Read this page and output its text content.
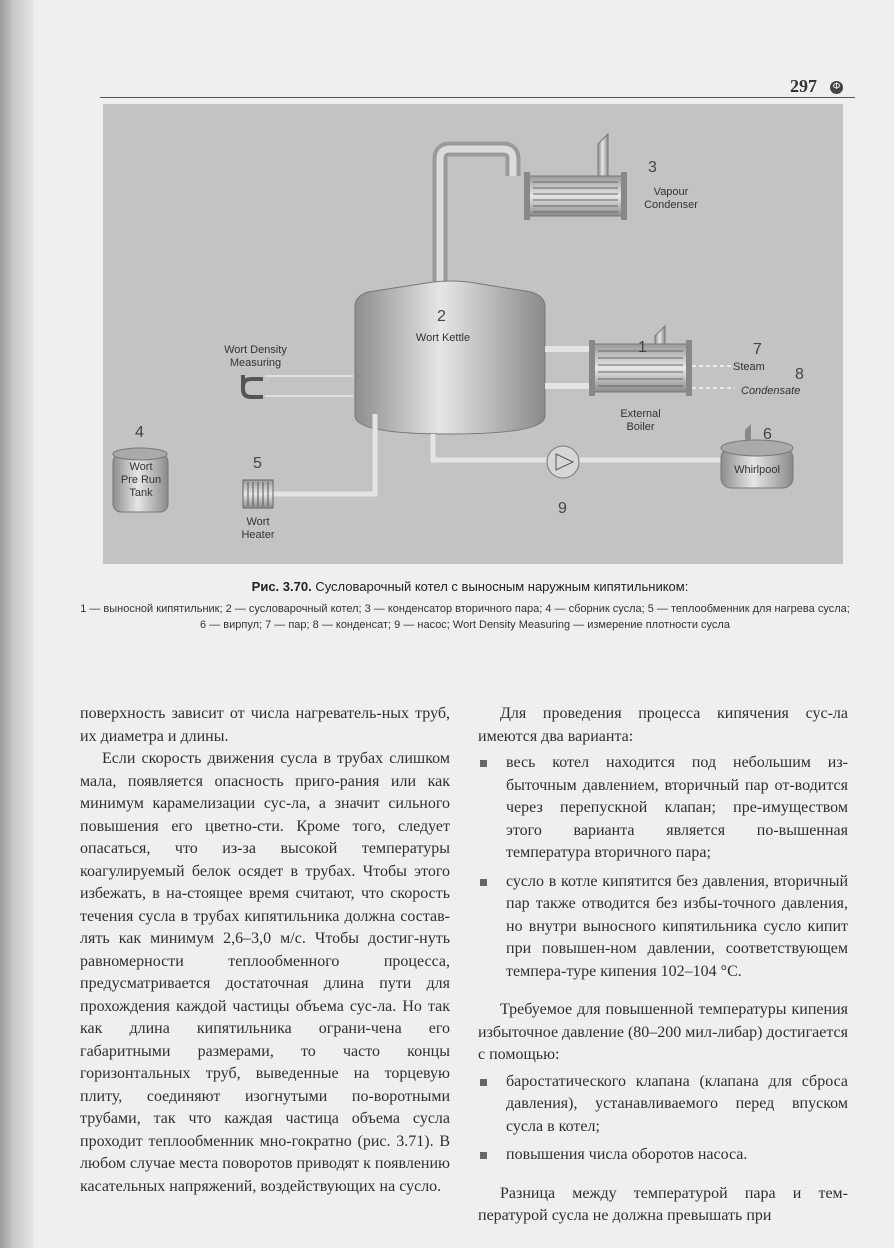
297 Ф
3
Vapour
Condenser
2
Wort Kettle
Wort Density
Measuring
1
External
Boiler
7
Steam	8
Condensate
4
Wort
Pre Run
Tank
5
Wort
Heater
9
6
Whirlpool
Рис. 3.70. Сусловарочный котел с выносным наружным кипятильником:
1 — выносной кипятильник; 2 — сусловарочный котел; 3 — конденсатор вторичного пара; 4 — сборник сусла; 5 — теплообменник для нагрева сусла; 6 — вирпул; 7 — пар; 8 — конденсат; 9 — насос; Wort Density Measuring — измерение плотности сусла

поверхность зависит от числа нагреватель-ных труб, их диаметра и длины.

Если скорость движения сусла в трубах слишком мала, появляется опасность приго-рания или как минимум карамелизации сус-ла, а значит сильного повышения его цветно-сти. Кроме того, следует опасаться, что из-за высокой температуры коагулируемый белок осядет в трубах. Чтобы этого избежать, в на-стоящее время считают, что скорость течения сусла в трубах кипятильника должна состав-лять как минимум 2,6–3,0 м/с. Чтобы достиг-нуть равномерности теплообменного процесса, предусматривается достаточная длина пути для прохождения каждой частицы объема сус-ла. Но так как длина кипятильника ограни-чена его габаритными размерами, то часто концы горизонтальных труб, выведенные на торцевую плиту, соединяют изогнутыми по-воротными трубами, так что каждая частица объема сусла проходит теплообменник мно-гократно (рис. 3.71). В любом случае места поворотов приводят к появлению касательных напряжений, воздействующих на сусло.

Для проведения процесса кипячения сус-ла имеются два варианта:

весь котел находится под небольшим из-быточным давлением, вторичный пар от-водится через перепускной клапан; пре-имуществом этого варианта является по-вышенная температура вторичного пара;
сусло в котле кипятится без давления, вторичный пар также отводится без избы-точного давления, но внутри выносного кипятильника сусло кипит при повышен-ном давлении, соответствующем темпера-туре кипения 102–104 °С.

Требуемое для повышенной температуры кипения избыточное давление (80–200 мил-либар) достигается с помощью:

баростатического клапана (клапана для сброса давления), устанавливаемого перед впуском сусла в котел;
повышения числа оборотов насоса.

Разница между температурой пара и тем-пературой сусла не должна превышать при
